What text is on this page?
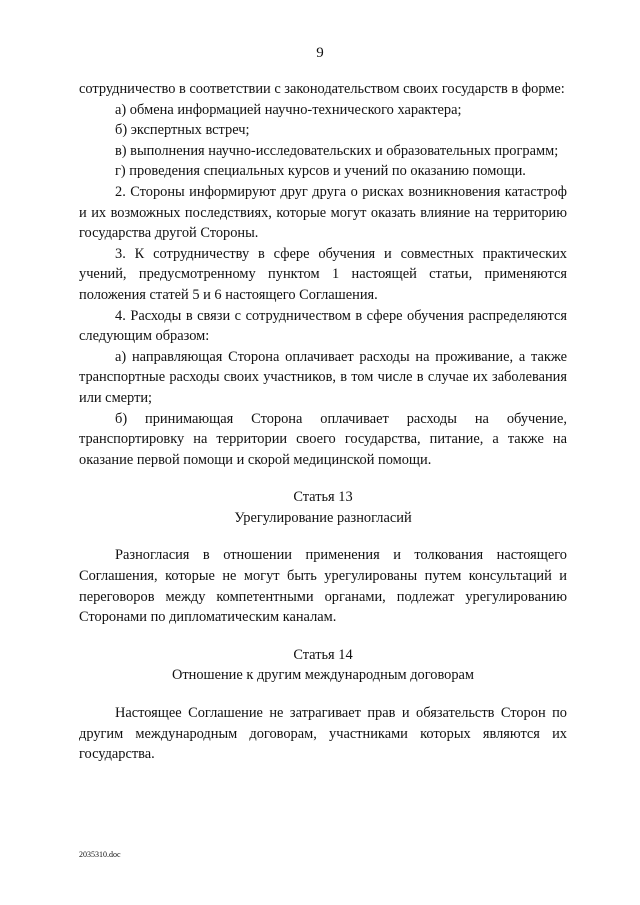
9

сотрудничество в соответствии с законодательством своих государств в форме:

а) обмена информацией научно-технического характера;

б) экспертных встреч;

в) выполнения научно-исследовательских и образовательных программ;

г) проведения специальных курсов и учений по оказанию помощи.

2. Стороны информируют друг друга о рисках возникновения катастроф и их возможных последствиях, которые могут оказать влияние на территорию государства другой Стороны.

3. К сотрудничеству в сфере обучения и совместных практических учений, предусмотренному пунктом 1 настоящей статьи, применяются положения статей 5 и 6 настоящего Соглашения.

4. Расходы в связи с сотрудничеством в сфере обучения распределяются следующим образом:

а) направляющая Сторона оплачивает расходы на проживание, а также транспортные расходы своих участников, в том числе в случае их заболевания или смерти;

б) принимающая Сторона оплачивает расходы на обучение, транспортировку на территории своего государства, питание, а также на оказание первой помощи и скорой медицинской помощи.

Статья 13

Урегулирование разногласий

Разногласия в отношении применения и толкования настоящего Соглашения, которые не могут быть урегулированы путем консультаций и переговоров между компетентными органами, подлежат урегулированию Сторонами по дипломатическим каналам.

Статья 14

Отношение к другим международным договорам

Настоящее Соглашение не затрагивает прав и обязательств Сторон по другим международным договорам, участниками которых являются их государства.

2035310.doc
